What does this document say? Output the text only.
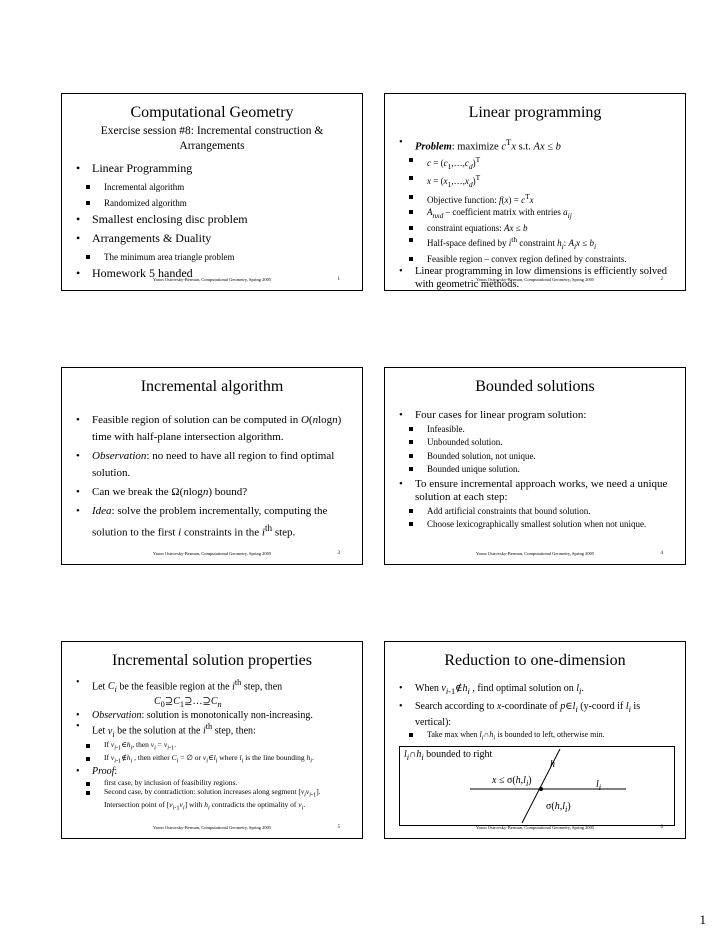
Computational Geometry
Exercise session #8: Incremental construction & Arrangements
• Linear Programming
Incremental algorithm
Randomized algorithm
• Smallest enclosing disc problem
• Arrangements & Duality
The minimum area triangle problem
• Homework 5 handed
Yaron Ostrovsky-Berman, Computational Geometry, Spring 2005	1
Linear programming
• Problem: maximize $c^Tx$ s.t. Ax ≤ b
$c = (c_1,\dots,c_d)^T$
$x = (x_1,\dots,x_d)^T$
Objective function: $f(x) = c^Tx$
$A_{nxd}$ – coefficient matrix with entries $a_{ij}$
constraint equations: Ax ≤ b
Half-space defined by $i^{th}$ constraint $h_i$: $A_ix \le b_i$
Feasible region – convex region defined by constraints.
• Linear programming in low dimensions is efficiently solved with geometric methods.
Yaron Ostrovsky-Berman, Computational Geometry, Spring 2005	2
Incremental algorithm
• Feasible region of solution can be computed in O(nlogn) time with half-plane intersection algorithm.
• Observation: no need to have all region to find optimal solution.
• Can we break the Ω(nlogn) bound?
• Idea: solve the problem incrementally, computing the solution to the first i constraints in the $i^{th}$ step.
Yaron Ostrovsky-Berman, Computational Geometry, Spring 2005	3
Bounded solutions
• Four cases for linear program solution:
Infeasible.
Unbounded solution.
Bounded solution, not unique.
Bounded unique solution.
• To ensure incremental approach works, we need a unique solution at each step:
Add artificial constraints that bound solution.
Choose lexicographically smallest solution when not unique.
Yaron Ostrovsky-Berman, Computational Geometry, Spring 2005	4
Incremental solution properties
• Let $C_i$ be the feasible region at the $i^{th}$ step, then
$C_0⊇C_1⊇\dots⊇C_n$
• Observation: solution is monotonically non-increasing.
• Let $v_i$ be the solution at the $i^{th}$ step, then:
If $v_{i-1}\in h_i$, then $v_i = v_{i-1}$.
If $v_{i-1}\notin h_i$ , then either $C_i$ = ∅ or $v_i\in l_i$ where $l_i$ is the line bounding $h_i$.
• Proof:
first case, by inclusion of feasibility regions.
Second case, by contradiction: solution increases along segment $[v_iv_{i-1}]$. Intersection point of $[v_{i-1}v_i]$ with $h_i$ contradicts the optimality of $v_i$.
Yaron Ostrovsky-Berman, Computational Geometry, Spring 2005	5
Reduction to one-dimension
• When $v_{i-1}\notin h_i$ , find optimal solution on $l_i$.
• Search according to x-coordinate of $p\in l_i$ (y-coord if $l_i$ is vertical):
Take max when $l_i\cap h_i$ is bounded to left, otherwise min.
$l_i\cap h_i$ bounded to right
h
$x \le \sigma(h,l_i)$	$l_i$
$\sigma(h,l_i)$
Yaron Ostrovsky-Berman, Computational Geometry, Spring 2005	6
1
